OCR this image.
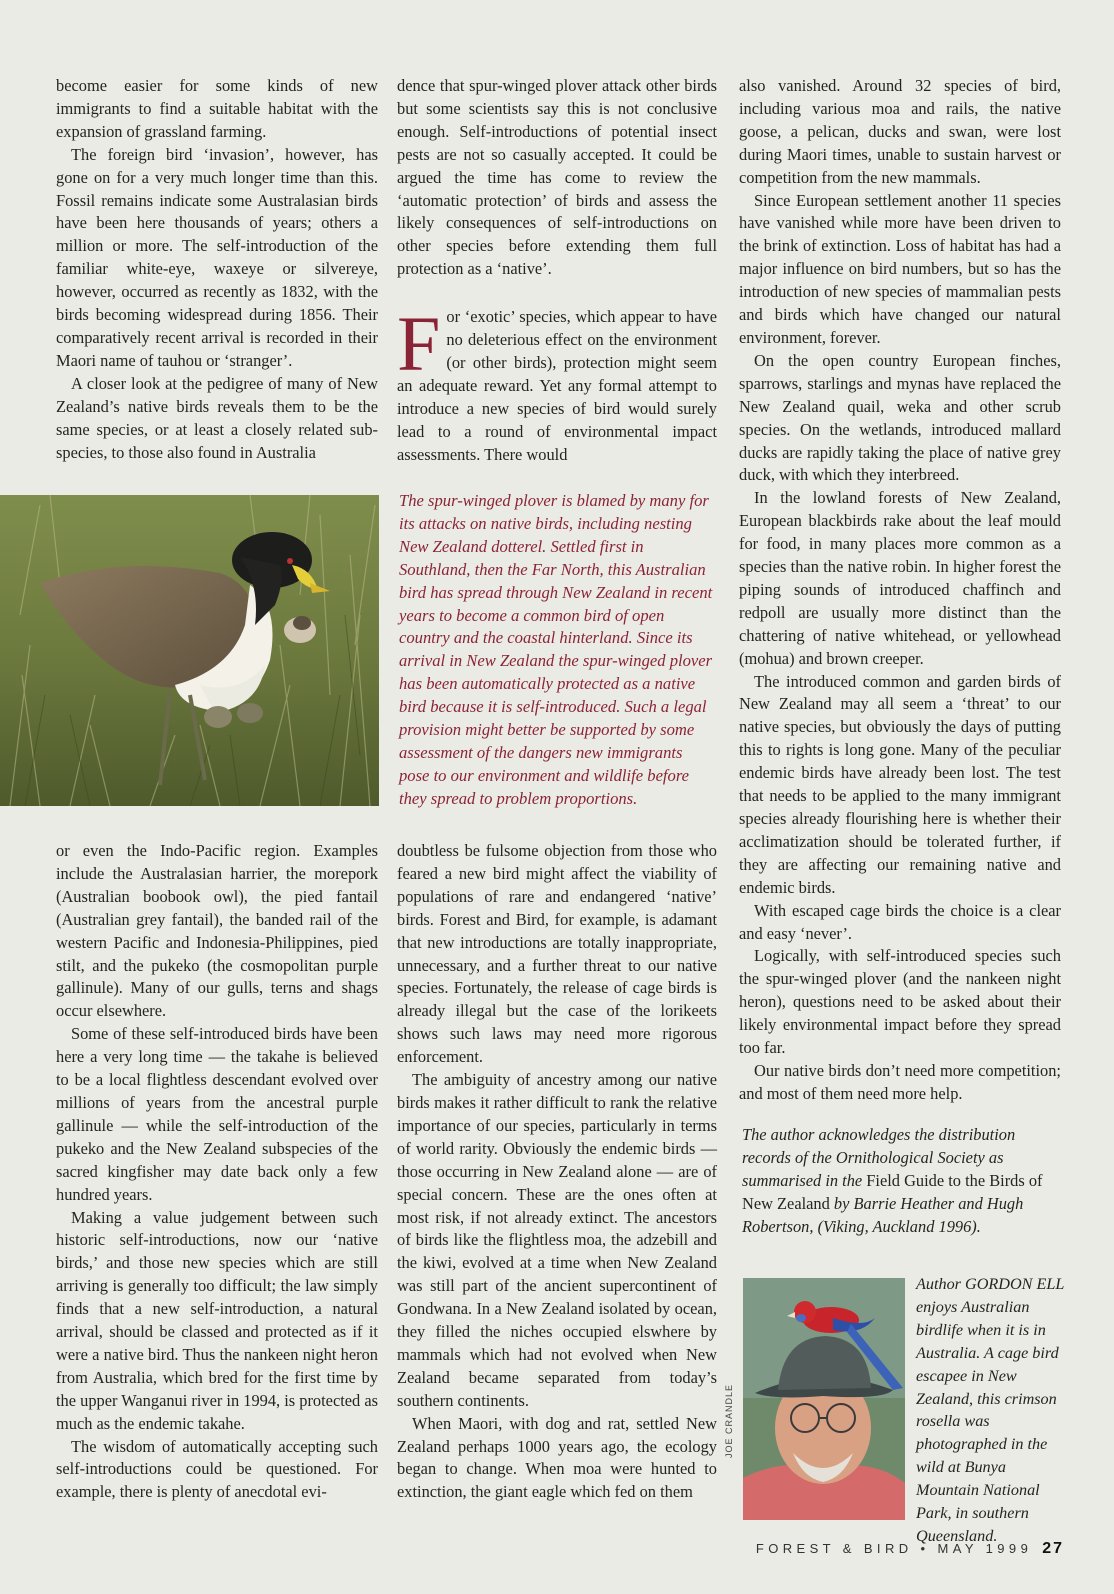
become easier for some kinds of new immigrants to find a suitable habitat with the expansion of grassland farming.

The foreign bird ‘invasion’, however, has gone on for a very much longer time than this. Fossil remains indicate some Australasian birds have been here thousands of years; others a million or more. The self-introduction of the familiar white-eye, waxeye or silvereye, however, occurred as recently as 1832, with the birds becoming widespread during 1856. Their comparatively recent arrival is recorded in their Maori name of tauhou or ‘stranger’.

A closer look at the pedigree of many of New Zealand’s native birds reveals them to be the same species, or at least a closely related sub-species, to those also found in Australia

or even the Indo-Pacific region. Examples include the Australasian harrier, the morepork (Australian boobook owl), the pied fantail (Australian grey fantail), the banded rail of the western Pacific and Indonesia-Philippines, pied stilt, and the pukeko (the cosmopolitan purple gallinule). Many of our gulls, terns and shags occur elsewhere.

Some of these self-introduced birds have been here a very long time — the takahe is believed to be a local flightless descendant evolved over millions of years from the ancestral purple gallinule — while the self-introduction of the pukeko and the New Zealand subspecies of the sacred kingfisher may date back only a few hundred years.

Making a value judgement between such historic self-introductions, now our ‘native birds,’ and those new species which are still arriving is generally too difficult; the law simply finds that a new self-introduction, a natural arrival, should be classed and protected as if it were a native bird. Thus the nankeen night heron from Australia, which bred for the first time by the upper Wanganui river in 1994, is protected as much as the endemic takahe.

The wisdom of automatically accepting such self-introductions could be questioned. For example, there is plenty of anecdotal evi-

dence that spur-winged plover attack other birds but some scientists say this is not conclusive enough. Self-introductions of potential insect pests are not so casually accepted. It could be argued the time has come to review the ‘automatic protection’ of birds and assess the likely consequences of self-introductions on other species before extending them full protection as a ‘native’.

For ‘exotic’ species, which appear to have no deleterious effect on the environment (or other birds), protection might seem an adequate reward. Yet any formal attempt to introduce a new species of bird would surely lead to a round of environmental impact assessments. There would

The spur-winged plover is blamed by many for its attacks on native birds, including nesting New Zealand dotterel. Settled first in Southland, then the Far North, this Australian bird has spread through New Zealand in recent years to become a common bird of open country and the coastal hinterland. Since its arrival in New Zealand the spur-winged plover has been automatically protected as a native bird because it is self-introduced. Such a legal provision might better be supported by some assessment of the dangers new immigrants pose to our environment and wildlife before they spread to problem proportions.

doubtless be fulsome objection from those who feared a new bird might affect the viability of populations of rare and endangered ‘native’ birds. Forest and Bird, for example, is adamant that new introductions are totally inappropriate, unnecessary, and a further threat to our native species. Fortunately, the release of cage birds is already illegal but the case of the lorikeets shows such laws may need more rigorous enforcement.

The ambiguity of ancestry among our native birds makes it rather difficult to rank the relative importance of our species, particularly in terms of world rarity. Obviously the endemic birds — those occurring in New Zealand alone — are of special concern. These are the ones often at most risk, if not already extinct. The ancestors of birds like the flightless moa, the adzebill and the kiwi, evolved at a time when New Zealand was still part of the ancient supercontinent of Gondwana. In a New Zealand isolated by ocean, they filled the niches occupied elswhere by mammals which had not evolved when New Zealand became separated from today’s southern continents.

When Maori, with dog and rat, settled New Zealand perhaps 1000 years ago, the ecology began to change. When moa were hunted to extinction, the giant eagle which fed on them

also vanished. Around 32 species of bird, including various moa and rails, the native goose, a pelican, ducks and swan, were lost during Maori times, unable to sustain harvest or competition from the new mammals.

Since European settlement another 11 species have vanished while more have been driven to the brink of extinction. Loss of habitat has had a major influence on bird numbers, but so has the introduction of new species of mammalian pests and birds which have changed our natural environment, forever.

On the open country European finches, sparrows, starlings and mynas have replaced the New Zealand quail, weka and other scrub species. On the wetlands, introduced mallard ducks are rapidly taking the place of native grey duck, with which they interbreed.

In the lowland forests of New Zealand, European blackbirds rake about the leaf mould for food, in many places more common as a species than the native robin. In higher forest the piping sounds of introduced chaffinch and redpoll are usually more distinct than the chattering of native whitehead, or yellowhead (mohua) and brown creeper.

The introduced common and garden birds of New Zealand may all seem a ‘threat’ to our native species, but obviously the days of putting this to rights is long gone. Many of the peculiar endemic birds have already been lost. The test that needs to be applied to the many immigrant species already flourishing here is whether their acclimatization should be tolerated further, if they are affecting our remaining native and endemic birds.

With escaped cage birds the choice is a clear and easy ‘never’.

Logically, with self-introduced species such the spur-winged plover (and the nankeen night heron), questions need to be asked about their likely environmental impact before they spread too far.

Our native birds don’t need more competition; and most of them need more help.

The author acknowledges the distribution records of the Ornithological Society as summarised in the Field Guide to the Birds of New Zealand by Barrie Heather and Hugh Robertson, (Viking, Auckland 1996).
Author GORDON ELL enjoys Australian birdlife when it is in Australia. A cage bird escapee in New Zealand, this crimson rosella was photographed in the wild at Bunya Mountain National Park, in southern Queensland.
JOE CRANDLE
FOREST & BIRD • MAY 1999 27
